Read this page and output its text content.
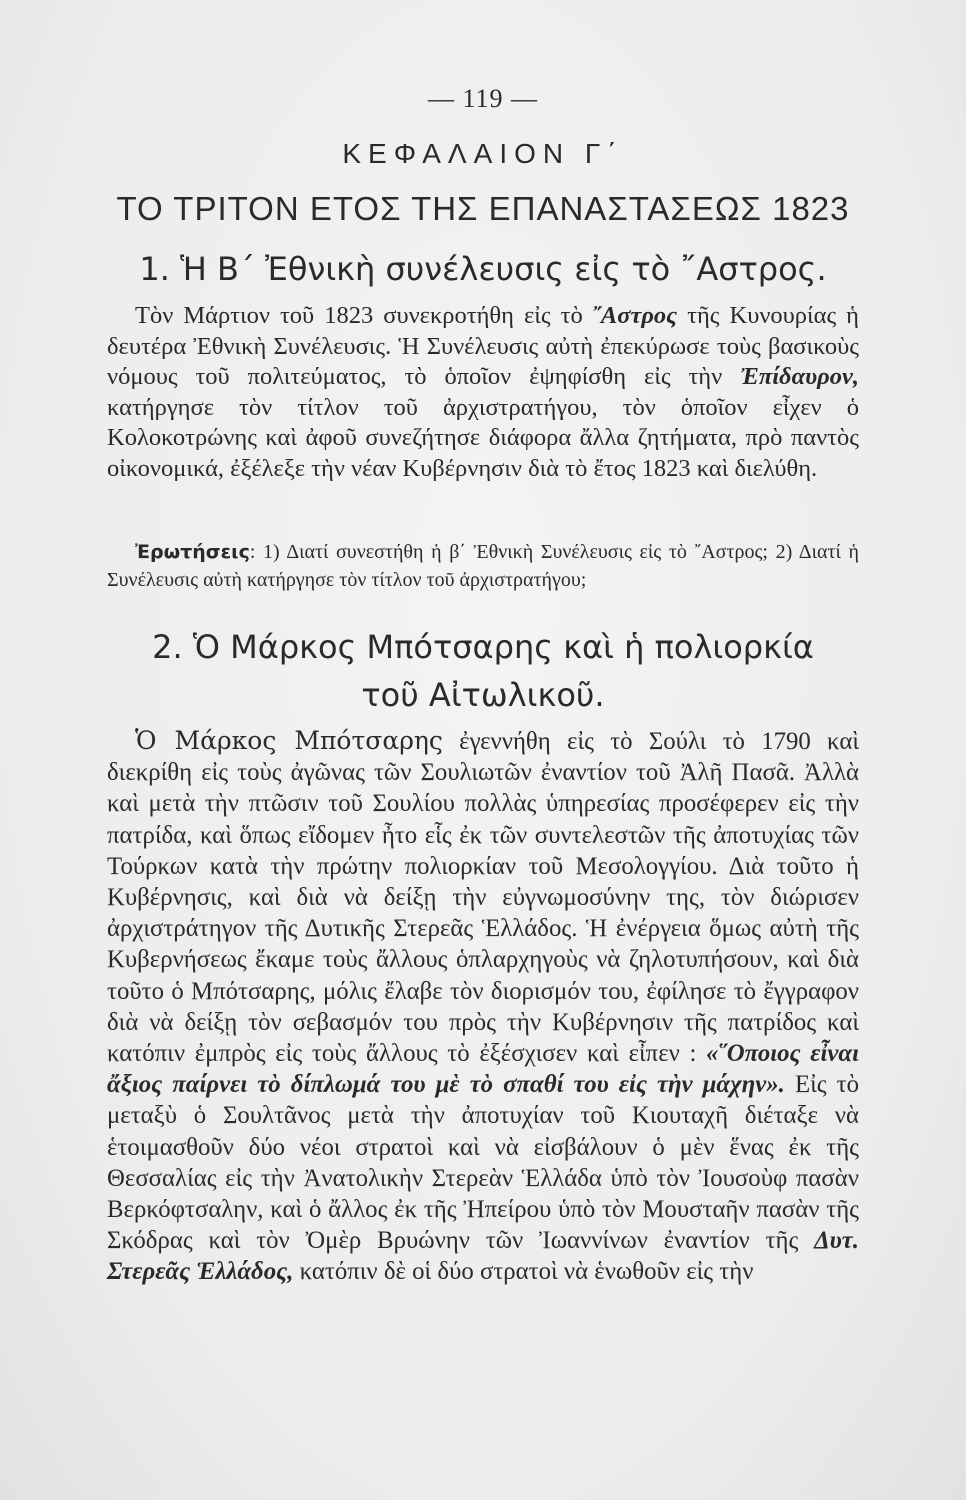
— 119 —
ΚΕΦΑΛΑΙΟΝ Γ΄
ΤΟ ΤΡΙΤΟΝ ΕΤΟΣ ΤΗΣ ΕΠΑΝΑΣΤΑΣΕΩΣ 1823
1. Ἡ Β΄ Ἐθνικὴ συνέλευσις εἰς τὸ ῎Αστρος.
Τὸν Μάρτιον τοῦ 1823 συνεκροτήθη εἰς τὸ ῎Αστρος τῆς Κυνουρίας ἡ δευτέρα Ἐθνικὴ Συνέλευσις. Ἡ Συνέλευσις αὐτὴ ἐπεκύρωσε τοὺς βασικοὺς νόμους τοῦ πολιτεύματος, τὸ ὁποῖον ἐψηφίσθη εἰς τὴν Ἐπίδαυρον, κατήργησε τὸν τίτλον τοῦ ἀρχιστρατήγου, τὸν ὁποῖον εἶχεν ὁ Κολοκοτρώνης καὶ ἀφοῦ συνεζήτησε διάφορα ἄλλα ζητήματα, πρὸ παντὸς οἰκονομικά, ἐξέλεξε τὴν νέαν Κυβέρνησιν διὰ τὸ ἔτος 1823 καὶ διελύθη.
Ἐρωτήσεις: 1) Διατί συνεστήθη ἡ β΄ Ἐθνικὴ Συνέλευσις εἰς τὸ ῎Αστρος; 2) Διατί ἡ Συνέλευσις αὐτὴ κατήργησε τὸν τίτλον τοῦ ἀρχιστρατήγου;
2. Ὁ Μάρκος Μπότσαρης καὶ ἡ πολιορκία
τοῦ Αἰτωλικοῦ.
Ὁ Μάρκος Μπότσαρης ἐγεννήθη εἰς τὸ Σούλι τὸ 1790 καὶ διεκρίθη εἰς τοὺς ἀγῶνας τῶν Σουλιωτῶν ἐναντίον τοῦ Ἀλῆ Πασᾶ. Ἀλλὰ καὶ μετὰ τὴν πτῶσιν τοῦ Σουλίου πολλὰς ὑπηρεσίας προσέφερεν εἰς τὴν πατρίδα, καὶ ὅπως εἴδομεν ἦτο εἷς ἐκ τῶν συντελεστῶν τῆς ἀποτυχίας τῶν Τούρκων κατὰ τὴν πρώτην πολιορκίαν τοῦ Μεσολογγίου. Διὰ τοῦτο ἡ Κυβέρνησις, καὶ διὰ νὰ δείξῃ τὴν εὐγνωμοσύνην της, τὸν διώρισεν ἀρχιστράτηγον τῆς Δυτικῆς Στερεᾶς Ἑλλάδος. Ἡ ἐνέργεια ὅμως αὐτὴ τῆς Κυβερνήσεως ἔκαμε τοὺς ἄλλους ὁπλαρχηγοὺς νὰ ζηλοτυπήσουν, καὶ διὰ τοῦτο ὁ Μπότσαρης, μόλις ἔλαβε τὸν διορισμόν του, ἐφίλησε τὸ ἔγγραφον διὰ νὰ δείξῃ τὸν σεβασμόν του πρὸς τὴν Κυβέρνησιν τῆς πατρίδος καὶ κατόπιν ἐμπρὸς εἰς τοὺς ἄλλους τὸ ἐξέσχισεν καὶ εἶπεν : «῞Οποιος εἶναι ἄξιος παίρνει τὸ δίπλωμά του μὲ τὸ σπαθί του εἰς τὴν μάχην». Εἰς τὸ μεταξὺ ὁ Σουλτᾶνος μετὰ τὴν ἀποτυχίαν τοῦ Κιουταχῆ διέταξε νὰ ἑτοιμασθοῦν δύο νέοι στρατοὶ καὶ νὰ εἰσβάλουν ὁ μὲν ἕνας ἐκ τῆς Θεσσαλίας εἰς τὴν Ἀνατολικὴν Στερεὰν Ἑλλάδα ὑπὸ τὸν Ἰουσοὺφ πασὰν Βερκόφτσαλην, καὶ ὁ ἄλλος ἐκ τῆς Ἠπείρου ὑπὸ τὸν Μουσταῆν πασὰν τῆς Σκόδρας καὶ τὸν Ὀμὲρ Βρυώνην τῶν Ἰωαννίνων ἐναντίον τῆς Δυτ. Στερεᾶς Ἑλλάδος, κατόπιν δὲ οἱ δύο στρατοὶ νὰ ἑνωθοῦν εἰς τὴν
